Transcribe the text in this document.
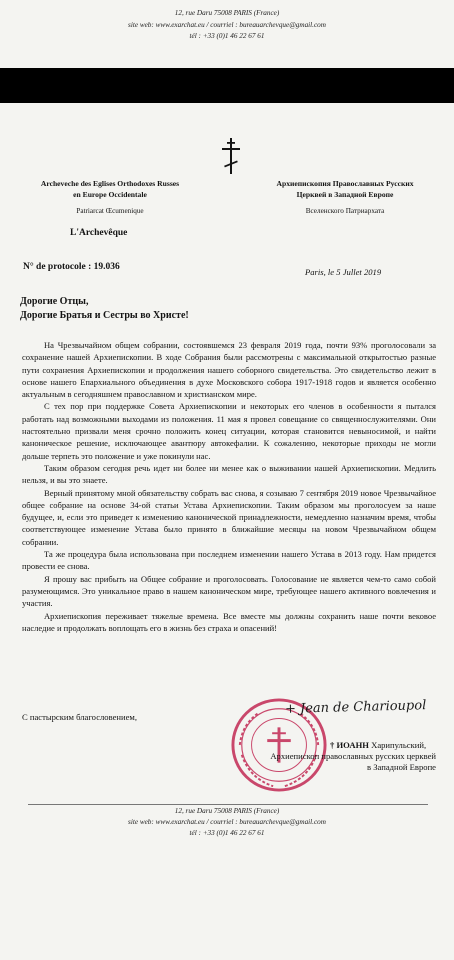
12, rue Daru 75008 PARIS (France)
site web: www.exarchat.eu / courriel : bureauarchevque@gmail.com
tél : +33 (0)1 46 22 67 61
Archeveche des Eglises Orthodoxes Russes
en Europe Occidentale
Архиепископия Православных Русских
Церквей в Западной Европе
Patriarcat Œcumenique	Вселенского Патриархата
L'Archevêque
N° de protocole : 19.036	Paris, le 5 Jullet 2019
Дорогие Отцы,
Дорогие Братья и Сестры во Христе!

На Чрезвычайном общем собрании, состоявшемся 23 февраля 2019 года, почти 93% проголосовали за сохранение нашей Архиепископии. В ходе Собрания были рассмотрены с максимальной открытостью разные пути сохранения Архиепископии и продолжения нашего соборного свидетельства. Это свидетельство лежит в основе нашего Епархиального объединения в духе Московского собора 1917-1918 годов и является особенно актуальным в сегодняшнем православном и христианском мире.

С тех пор при поддержке Совета Архиепископии и некоторых его членов в особенности я пытался работать над возможными выходами из положения. 11 мая я провел совещание со священнослужителями. Они настоятельно призвали меня срочно положить конец ситуации, которая становится невыносимой, и найти каноническое решение, исключающее авантюру автокефалии. К сожалению, некоторые приходы не могли дольше терпеть это положение и уже покинули нас.

Таким образом сегодня речь идет ни более ни менее как о выживании нашей Архиепископии. Медлить нельзя, и вы это знаете.

Верный принятому мной обязательству собрать вас снова, я созываю 7 сентября 2019 новое Чрезвычайное общее собрание на основе 34-ой статьи Устава Архиепископии. Таким образом мы проголосуем за наше будущее, и, если это приведет к изменению канонической принадлежности, немедленно назначим время, чтобы соответствующее изменение Устава было принято в ближайшие месяцы на новом Чрезвычайном общем собрании.

Та же процедура была использована при последнем изменении нашего Устава в 2013 году. Нам придется провести ее снова.

Я прошу вас прибыть на Общее собрание и проголосовать. Голосование не является чем-то само собой разумеющимся. Это уникальное право в нашем каноническом мире, требующее нашего активного вовлечения и участия.

Архиепископия переживает тяжелые времена. Все вместе мы должны сохранить наше почти вековое наследие и продолжать воплощать его в жизнь без страха и опасений!

С пастырским благословением,
+ Jean de Charioupol
† ИОАНН Харипульский,
Архиепископ православных русских церквей
в Западной Европе
12, rue Daru 75008 PARIS (France)
site web: www.exarchat.eu / courriel : bureauarchevque@gmail.com
tél : +33 (0)1 46 22 67 61
